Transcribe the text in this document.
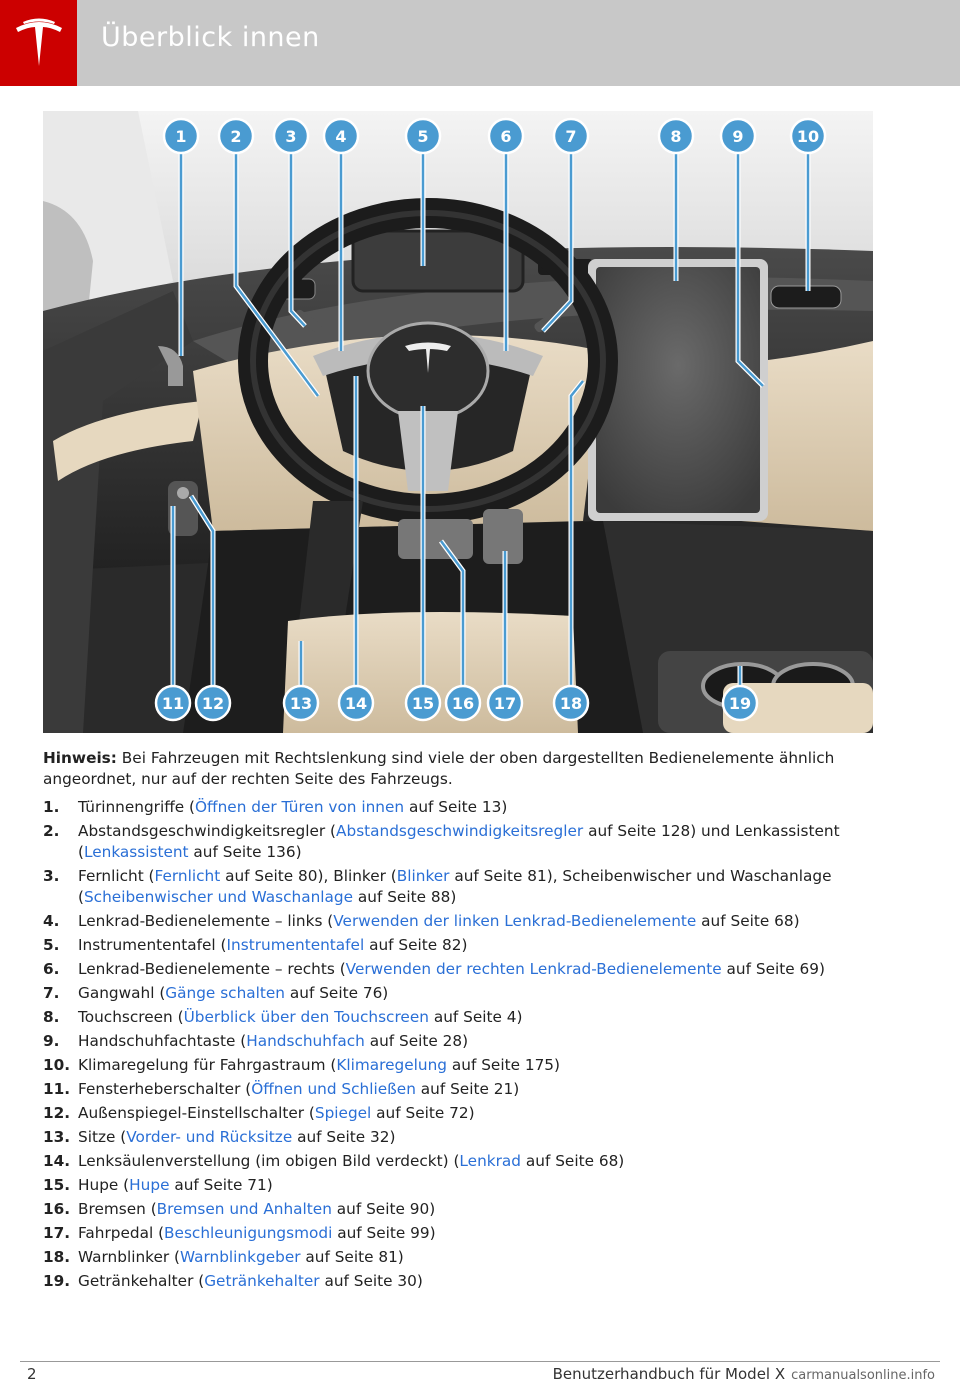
Überblick innen
1	2	3 4	5	6	7	8	9	10
11 12	13 14	15 16 17	18	19
Hinweis: Bei Fahrzeugen mit Rechtslenkung sind viele der oben dargestellten Bedienelemente ähnlich angeordnet, nur auf der rechten Seite des Fahrzeugs.
1. Türinnengriffe (Öffnen der Türen von innen auf Seite 13)
2. Abstandsgeschwindigkeitsregler (Abstandsgeschwindigkeitsregler auf Seite 128) und Lenkassistent (Lenkassistent auf Seite 136)
3. Fernlicht (Fernlicht auf Seite 80), Blinker (Blinker auf Seite 81), Scheibenwischer und Waschanlage (Scheibenwischer und Waschanlage auf Seite 88)
4. Lenkrad-Bedienelemente – links (Verwenden der linken Lenkrad-Bedienelemente auf Seite 68)
5. Instrumententafel (Instrumententafel auf Seite 82)
6. Lenkrad-Bedienelemente – rechts (Verwenden der rechten Lenkrad-Bedienelemente auf Seite 69)
7. Gangwahl (Gänge schalten auf Seite 76)
8. Touchscreen (Überblick über den Touchscreen auf Seite 4)
9. Handschuhfachtaste (Handschuhfach auf Seite 28)
10. Klimaregelung für Fahrgastraum (Klimaregelung auf Seite 175)
11. Fensterheberschalter (Öffnen und Schließen auf Seite 21)
12. Außenspiegel-Einstellschalter (Spiegel auf Seite 72)
13. Sitze (Vorder- und Rücksitze auf Seite 32)
14. Lenksäulenverstellung (im obigen Bild verdeckt) (Lenkrad auf Seite 68)
15. Hupe (Hupe auf Seite 71)
16. Bremsen (Bremsen und Anhalten auf Seite 90)
17. Fahrpedal (Beschleunigungsmodi auf Seite 99)
18. Warnblinker (Warnblinkgeber auf Seite 81)
19. Getränkehalter (Getränkehalter auf Seite 30)
2	Benutzerhandbuch für Model X carmanualsonline.info
